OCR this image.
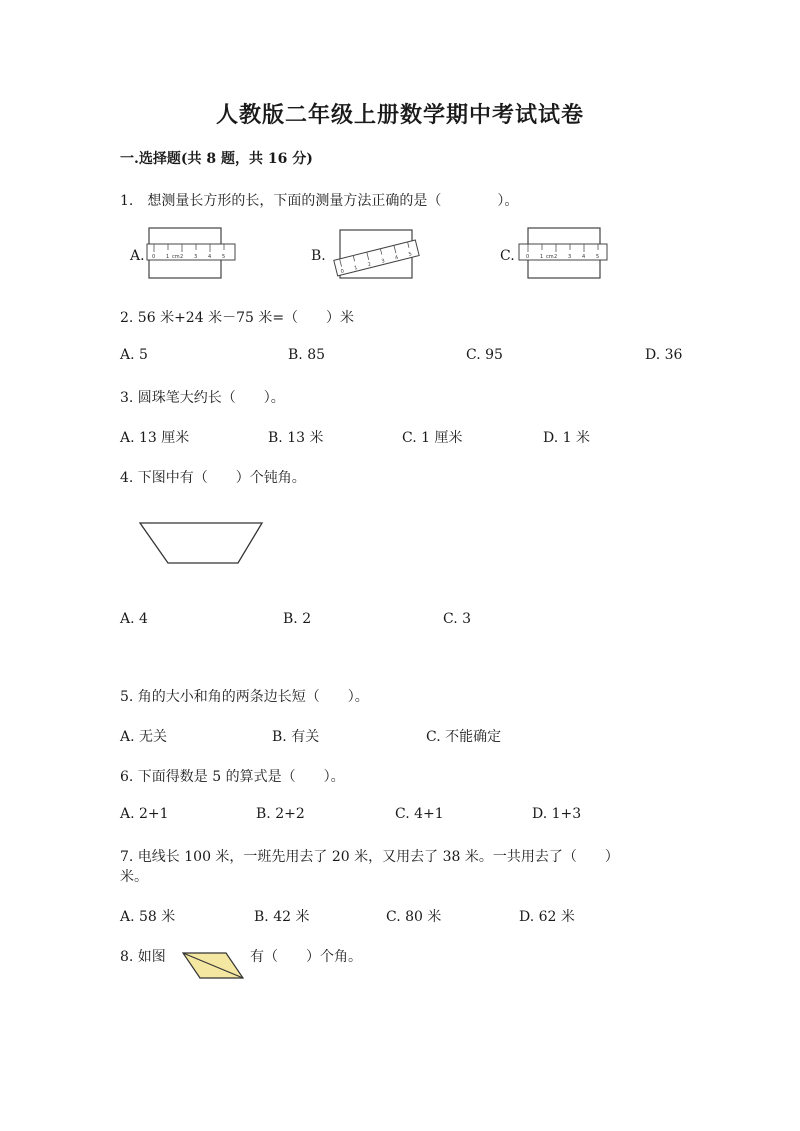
人教版二年级上册数学期中考试试卷
一.选择题(共 8 题，共 16 分)
1.　想测量长方形的长，下面的测量方法正确的是（　　　　）。
A. 0 1 cm 2 3 4 5	B.
0
1
2
3
4
5	C. 0 1 cm 2 3 4 5
2. 56 米+24 米－75 米=（　　）米
A. 5	B. 85	C. 95	D. 36
3. 圆珠笔大约长（　　）。
A. 13 厘米	B. 13 米	C. 1 厘米	D. 1 米
4. 下图中有（　　）个钝角。
A. 4	B. 2	C. 3
5. 角的大小和角的两条边长短（　　）。
A. 无关	B. 有关	C. 不能确定
6. 下面得数是 5 的算式是（　　）。
A. 2+1	B. 2+2	C. 4+1	D. 1+3
7. 电线长 100 米，一班先用去了 20 米，又用去了 38 米。一共用去了（　　）
米。
A. 58 米	B. 42 米	C. 80 米	D. 62 米
8. 如图	有（　　）个角。
